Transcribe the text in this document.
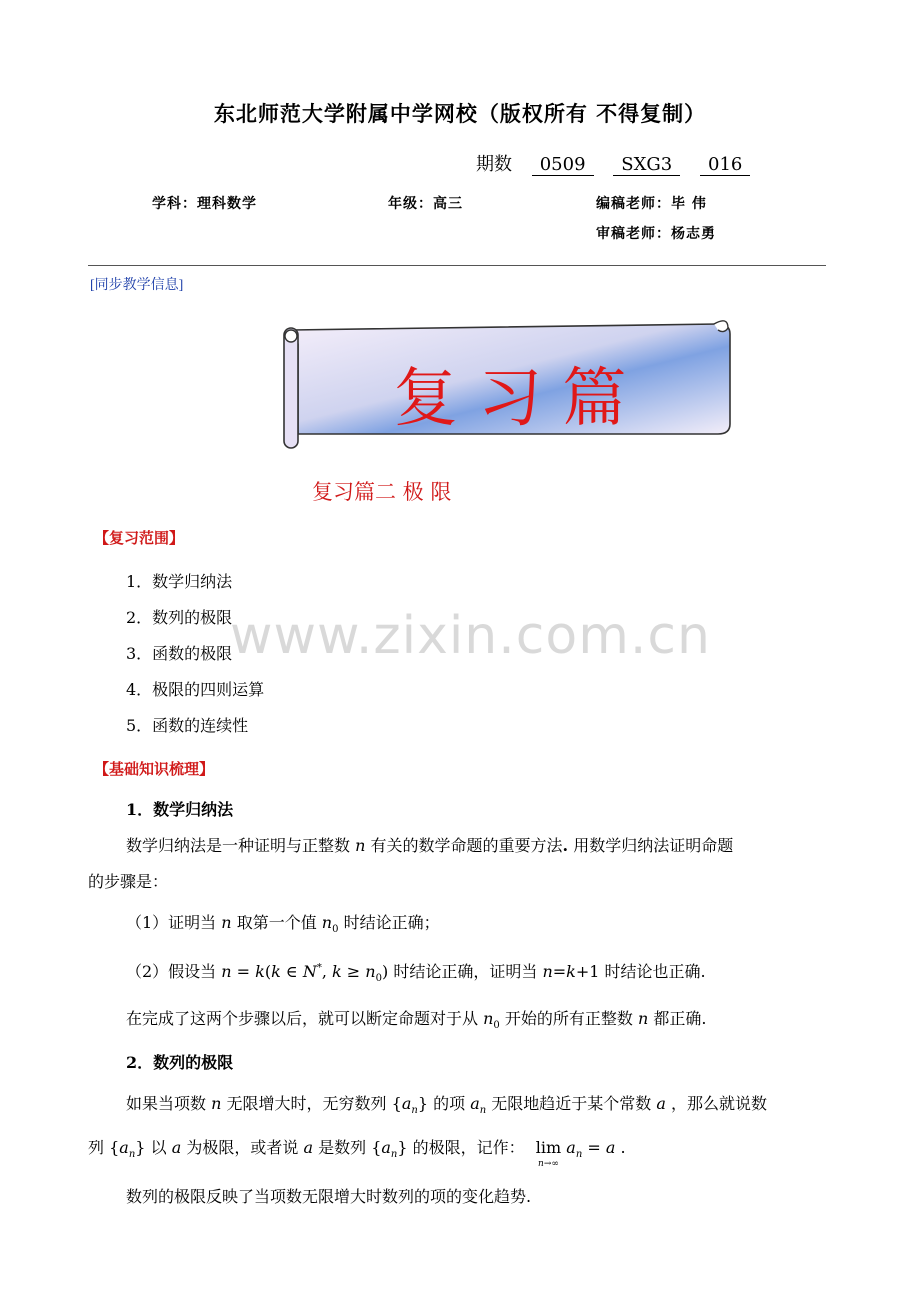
东北师范大学附属中学网校（版权所有 不得复制）
期数 0509 SXG3 016
学科：理科数学	年级：高三	编稿老师：毕 伟
审稿老师：杨志勇
[同步教学信息]
复 习 篇
复习篇二 极 限
www.zixin.com.cn
【复习范围】
1．数学归纳法
2．数列的极限
3．函数的极限
4．极限的四则运算
5．函数的连续性
【基础知识梳理】
1．数学归纳法
数学归纳法是一种证明与正整数 n 有关的数学命题的重要方法. 用数学归纳法证明命题
的步骤是：
（1）证明当 n 取第一个值 $n_0$ 时结论正确；
（2）假设当 n = k(k ∈ N*, $k \ge n_0$) 时结论正确，证明当 n=k+1 时结论也正确.
在完成了这两个步骤以后，就可以断定命题对于从 $n_0$ 开始的所有正整数 n 都正确.
2．数列的极限
如果当项数 n 无限增大时，无穷数列 $\{a_n\}$ 的项 $a_n$ 无限地趋近于某个常数 a ，那么就说数
列 $\{a_n\}$ 以 a 为极限，或者说 a 是数列 $\{a_n\}$ 的极限，记作： lim
$^{n\to\infty}$ $a_n = a$ .
数列的极限反映了当项数无限增大时数列的项的变化趋势.
